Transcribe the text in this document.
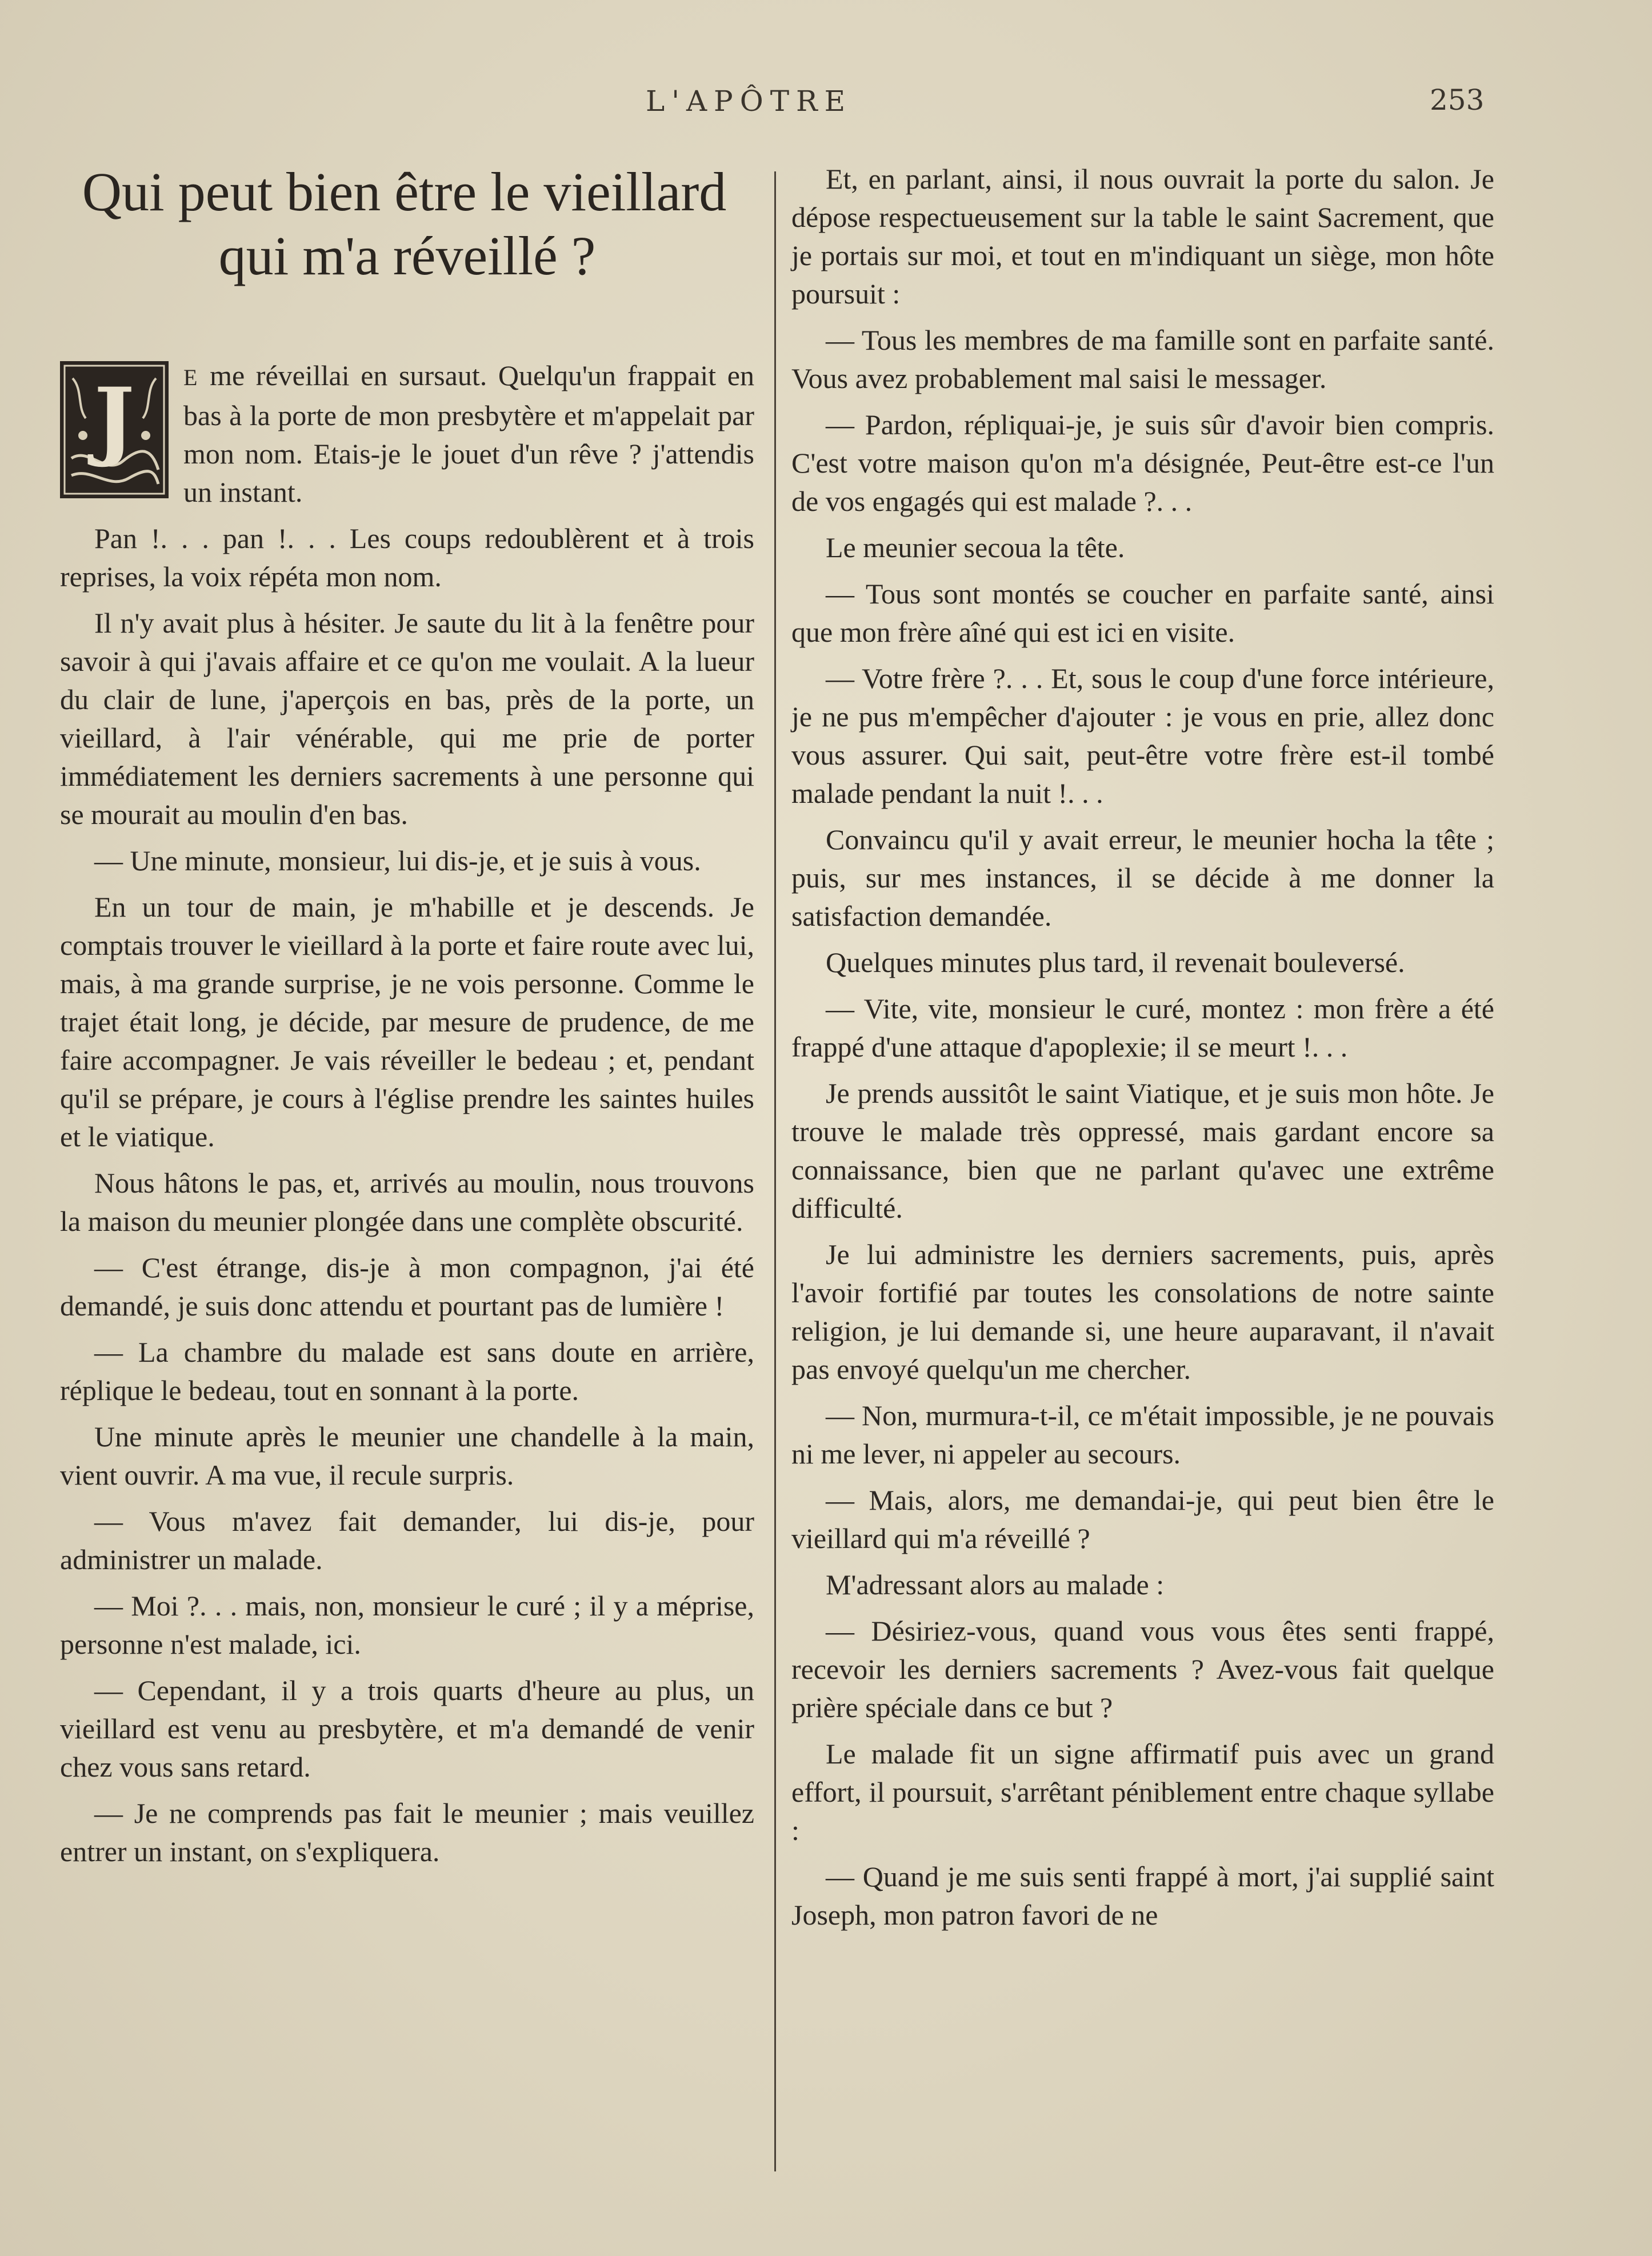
L'APÔTRE	253
Qui peut bien être le vieillard
qui m'a réveillé ?

J	E me réveillai en sursaut. Quelqu'un frappait en bas à la porte de mon presbytère et m'appelait par mon nom. Etais-je le jouet d'un rêve ? j'attendis un instant.

Pan !. . . pan !. . . Les coups redoublèrent et à trois reprises, la voix répéta mon nom.

Il n'y avait plus à hésiter. Je saute du lit à la fenêtre pour savoir à qui j'avais affaire et ce qu'on me voulait. A la lueur du clair de lune, j'aperçois en bas, près de la porte, un vieillard, à l'air vénérable, qui me prie de porter immédiatement les derniers sacrements à une personne qui se mourait au moulin d'en bas.

— Une minute, monsieur, lui dis-je, et je suis à vous.

En un tour de main, je m'habille et je descends. Je comptais trouver le vieillard à la porte et faire route avec lui, mais, à ma grande surprise, je ne vois personne. Comme le trajet était long, je décide, par mesure de prudence, de me faire accompagner. Je vais réveiller le bedeau ; et, pendant qu'il se prépare, je cours à l'église prendre les saintes huiles et le viatique.

Nous hâtons le pas, et, arrivés au moulin, nous trouvons la maison du meunier plongée dans une complète obscurité.

— C'est étrange, dis-je à mon compagnon, j'ai été demandé, je suis donc attendu et pourtant pas de lumière !

— La chambre du malade est sans doute en arrière, réplique le bedeau, tout en sonnant à la porte.

Une minute après le meunier une chandelle à la main, vient ouvrir. A ma vue, il recule surpris.

— Vous m'avez fait demander, lui dis-je, pour administrer un malade.

— Moi ?. . . mais, non, monsieur le curé ; il y a méprise, personne n'est malade, ici.

— Cependant, il y a trois quarts d'heure au plus, un vieillard est venu au presbytère, et m'a demandé de venir chez vous sans retard.

— Je ne comprends pas fait le meunier ; mais veuillez entrer un instant, on s'expliquera.

Et, en parlant, ainsi, il nous ouvrait la porte du salon. Je dépose respectueusement sur la table le saint Sacrement, que je portais sur moi, et tout en m'indiquant un siège, mon hôte poursuit :

— Tous les membres de ma famille sont en parfaite santé. Vous avez probablement mal saisi le messager.

— Pardon, répliquai-je, je suis sûr d'avoir bien compris. C'est votre maison qu'on m'a désignée, Peut-être est-ce l'un de vos engagés qui est malade ?. . .

Le meunier secoua la tête.

— Tous sont montés se coucher en parfaite santé, ainsi que mon frère aîné qui est ici en visite.

— Votre frère ?. . . Et, sous le coup d'une force intérieure, je ne pus m'empêcher d'ajouter : je vous en prie, allez donc vous assurer. Qui sait, peut-être votre frère est-il tombé malade pendant la nuit !. . .

Convaincu qu'il y avait erreur, le meunier hocha la tête ; puis, sur mes instances, il se décide à me donner la satisfaction demandée.

Quelques minutes plus tard, il revenait bouleversé.

— Vite, vite, monsieur le curé, montez : mon frère a été frappé d'une attaque d'apoplexie; il se meurt !. . .

Je prends aussitôt le saint Viatique, et je suis mon hôte. Je trouve le malade très oppressé, mais gardant encore sa connaissance, bien que ne parlant qu'avec une extrême difficulté.

Je lui administre les derniers sacrements, puis, après l'avoir fortifié par toutes les consolations de notre sainte religion, je lui demande si, une heure auparavant, il n'avait pas envoyé quelqu'un me chercher.

— Non, murmura-t-il, ce m'était impossible, je ne pouvais ni me lever, ni appeler au secours.

— Mais, alors, me demandai-je, qui peut bien être le vieillard qui m'a réveillé ?

M'adressant alors au malade :

— Désiriez-vous, quand vous vous êtes senti frappé, recevoir les derniers sacrements ? Avez-vous fait quelque prière spéciale dans ce but ?

Le malade fit un signe affirmatif puis avec un grand effort, il poursuit, s'arrêtant péniblement entre chaque syllabe :

— Quand je me suis senti frappé à mort, j'ai supplié saint Joseph, mon patron favori de ne
